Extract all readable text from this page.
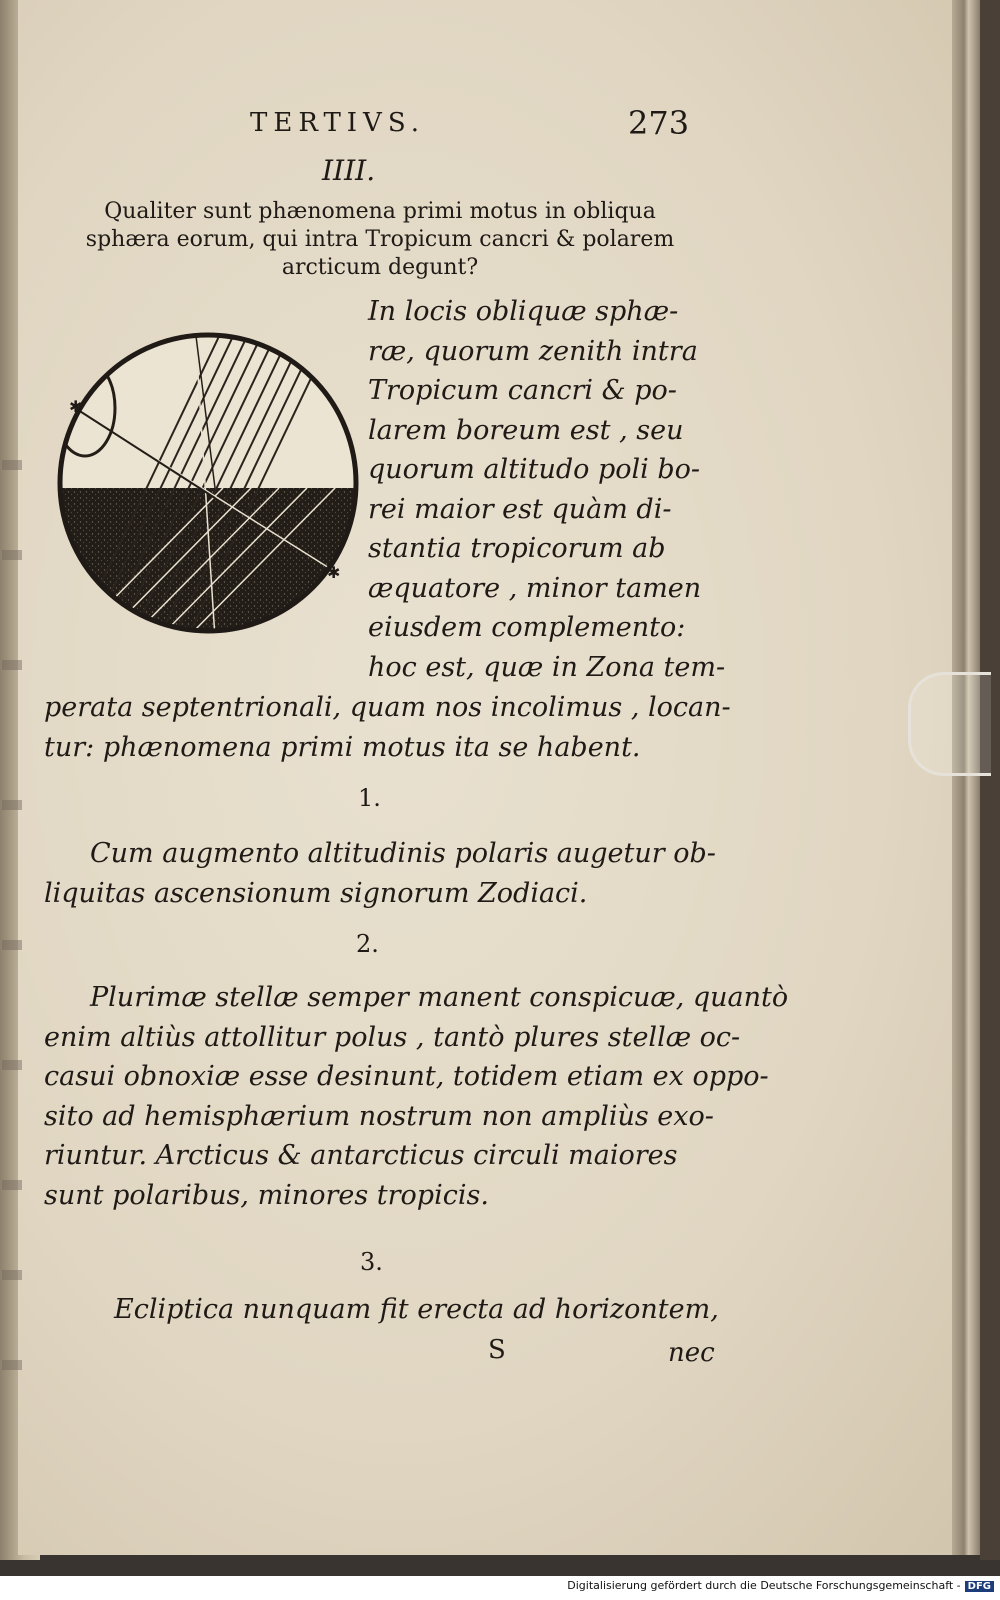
TERTIVS.	273
IIII.
Qualiter sunt phænomena primi motus in obliqua sphæra eorum, qui intra Tropicum cancri & polarem arcticum degunt?
✱
✱
In locis obliquæ sphæ-
ræ, quorum zenith intra
Tropicum cancri & po-
larem boreum est , seu
quorum altitudo poli bo-
rei maior est quàm di-
stantia tropicorum ab
æquatore , minor tamen
eiusdem complemento:
hoc est, quæ in Zona tem-
perata septentrionali, quam nos incolimus , locan-
tur: phænomena primi motus ita se habent.
1.
Cum augmento altitudinis polaris augetur ob-
liquitas ascensionum signorum Zodiaci.
2.
Plurimæ stellæ semper manent conspicuæ, quantò
enim altiùs attollitur polus , tantò plures stellæ oc-
casui obnoxiæ esse desinunt, totidem etiam ex oppo-
sito ad hemisphærium nostrum non ampliùs exo-
riuntur. Arcticus & antarcticus circuli maiores
sunt polaribus, minores tropicis.
3.
Ecliptica nunquam fit erecta ad horizontem,
S	nec
Digitalisierung gefördert durch die Deutsche Forschungsgemeinschaft - DFG
